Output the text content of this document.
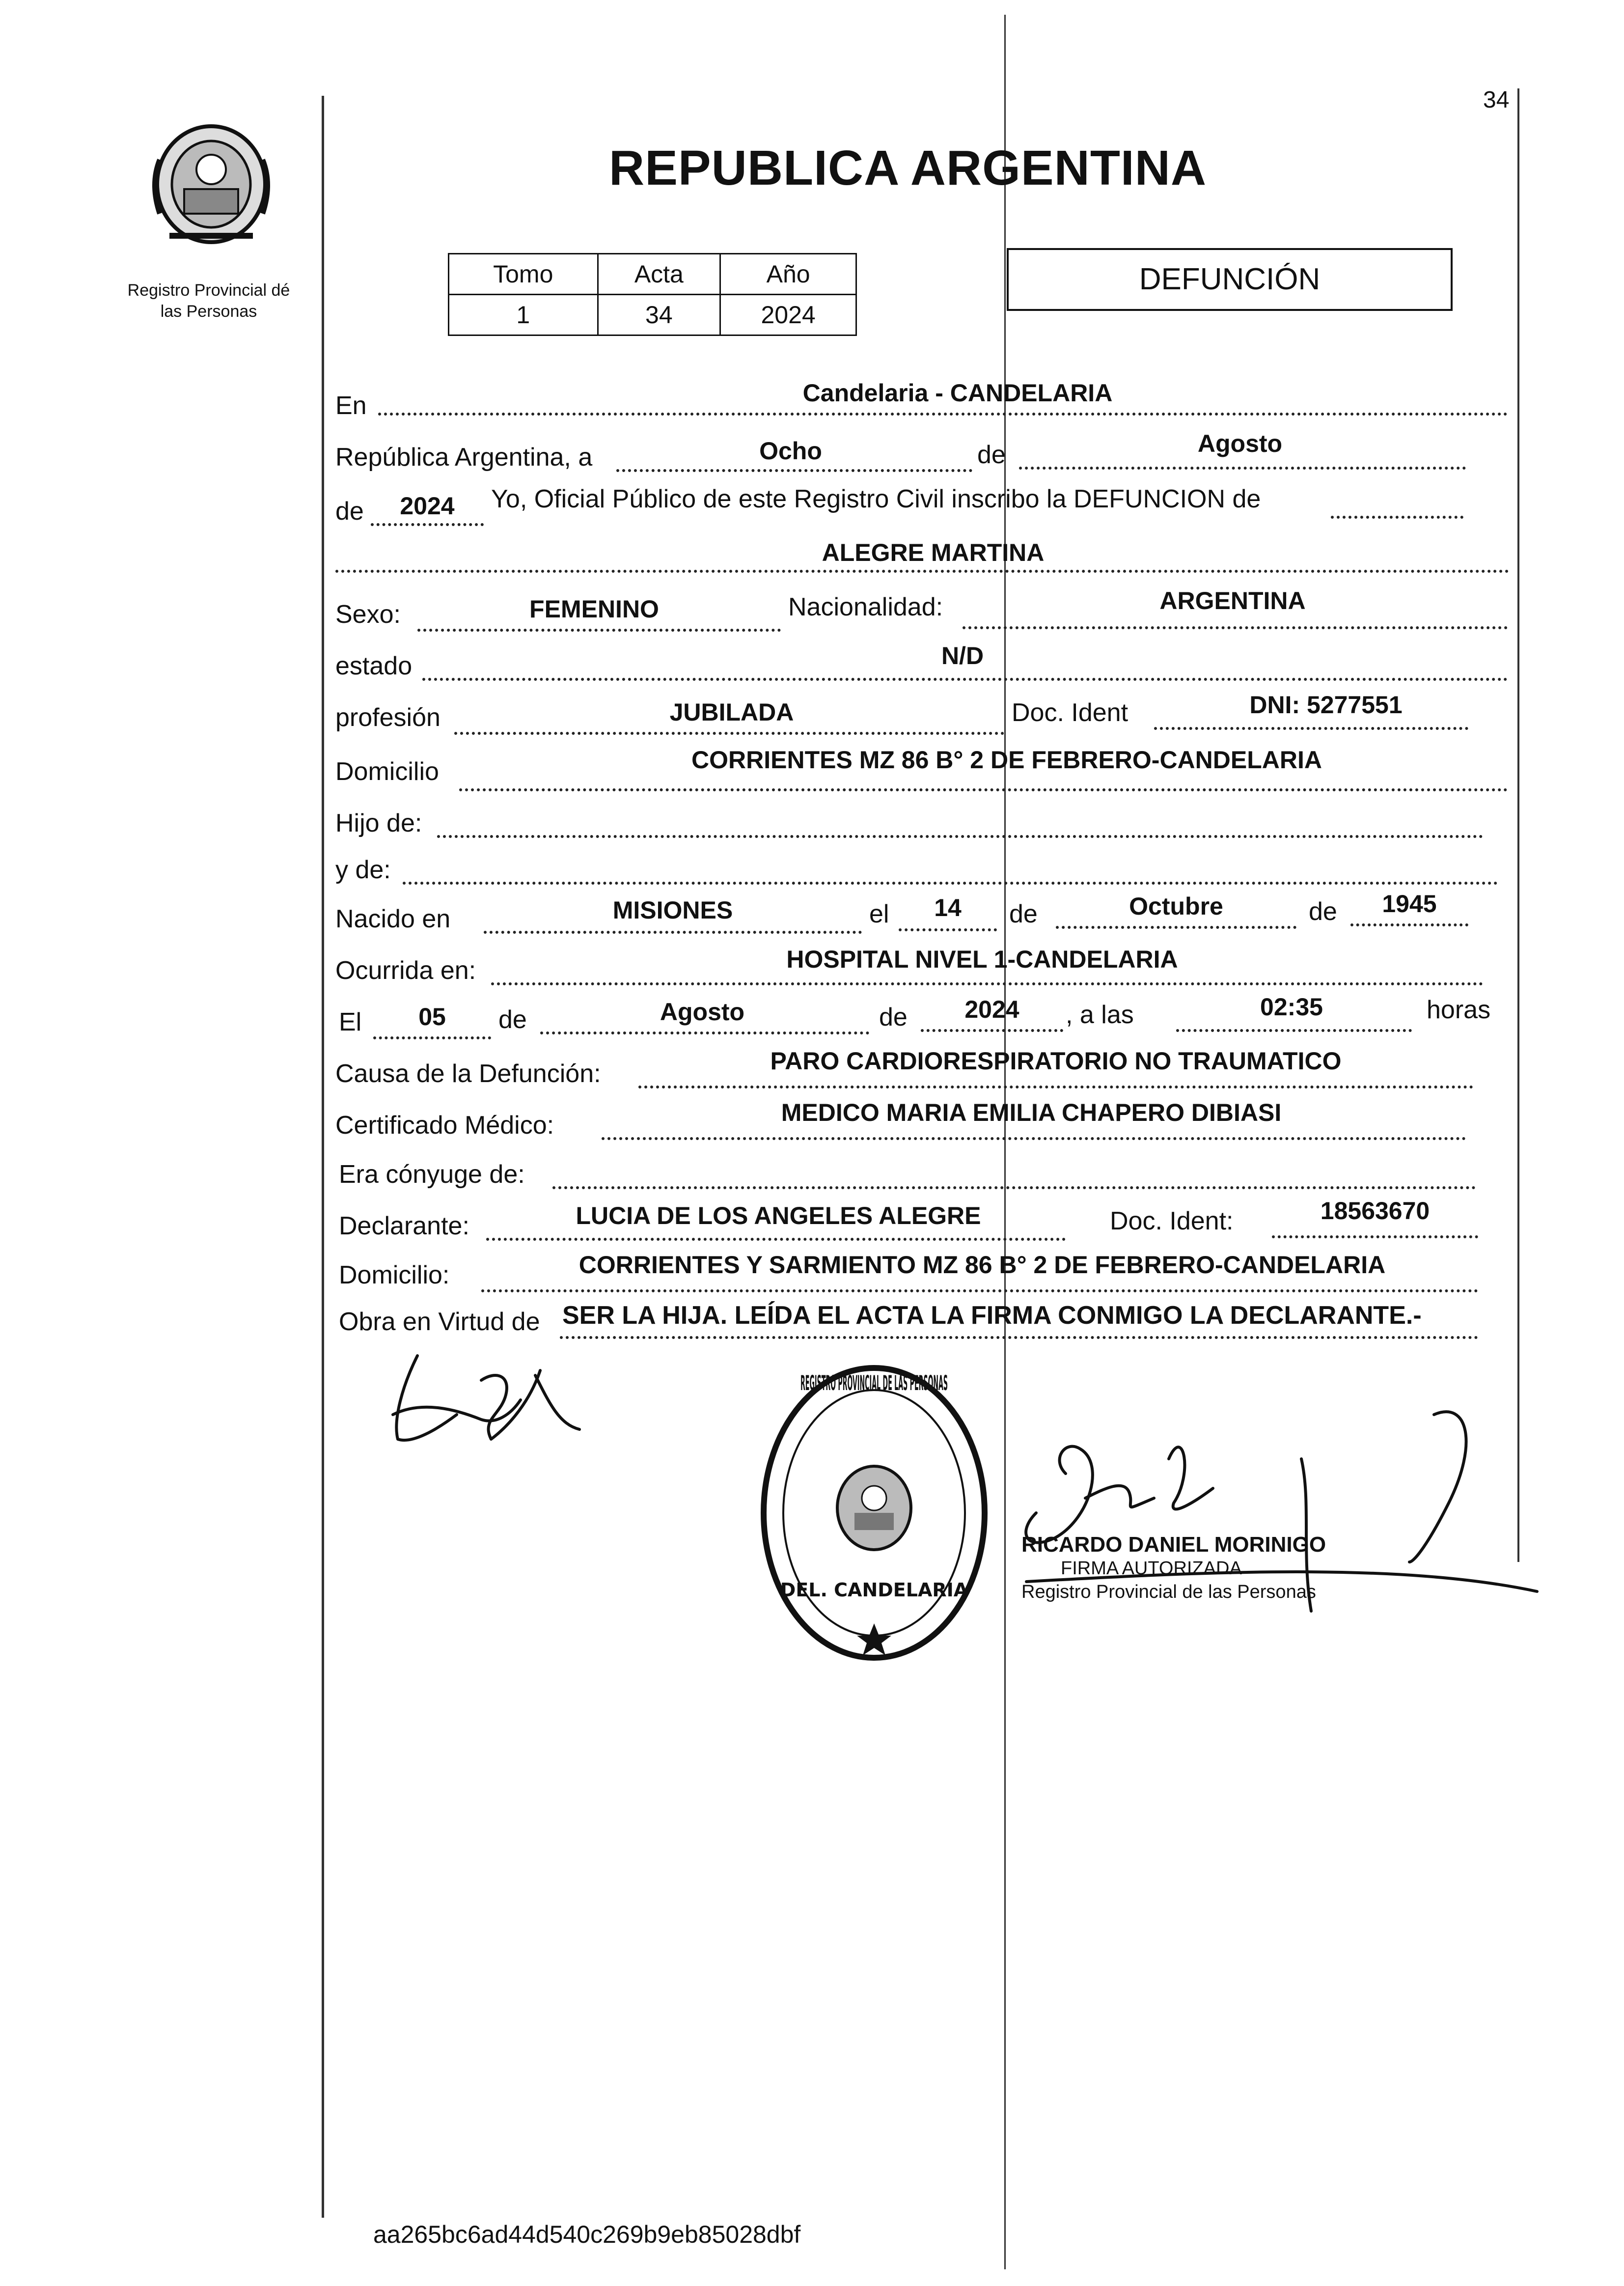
34
Registro Provincial dé
las Personas
REPUBLICA ARGENTINA
Tomo	Acta	Año
1	34	2024
DEFUNCIÓN
En	Candelaria - CANDELARIA
República Argentina, a	Ocho	de	Agosto
de	2024	Yo, Oficial Público de este Registro Civil inscribo la DEFUNCION de
ALEGRE MARTINA
Sexo:	FEMENINO	Nacionalidad:	ARGENTINA
estado	N/D
profesión	JUBILADA	Doc. Ident	DNI: 5277551
Domicilio	CORRIENTES MZ 86 B° 2 DE FEBRERO-CANDELARIA
Hijo de:
y de:
Nacido en	MISIONES	el	14	de	Octubre	de	1945
Ocurrida en:	HOSPITAL NIVEL 1-CANDELARIA
El	05	de	Agosto	de	2024	, a las	02:35	horas
Causa de la Defunción:	PARO CARDIORESPIRATORIO NO TRAUMATICO
Certificado Médico:	MEDICO MARIA EMILIA CHAPERO DIBIASI
Era cónyuge de:
Declarante:	LUCIA DE LOS ANGELES ALEGRE	Doc. Ident:	18563670
Domicilio:	CORRIENTES Y SARMIENTO MZ 86 B° 2 DE FEBRERO-CANDELARIA
Obra en Virtud de SER LA HIJA. LEÍDA EL ACTA LA FIRMA CONMIGO LA DECLARANTE.-
REGISTRO PROVINCIAL DE LAS PERSONAS
DEL. CANDELARIA
RICARDO DANIEL MORINIGO
FIRMA AUTORIZADA
Registro Provincial de las Personas
aa265bc6ad44d540c269b9eb85028dbf
